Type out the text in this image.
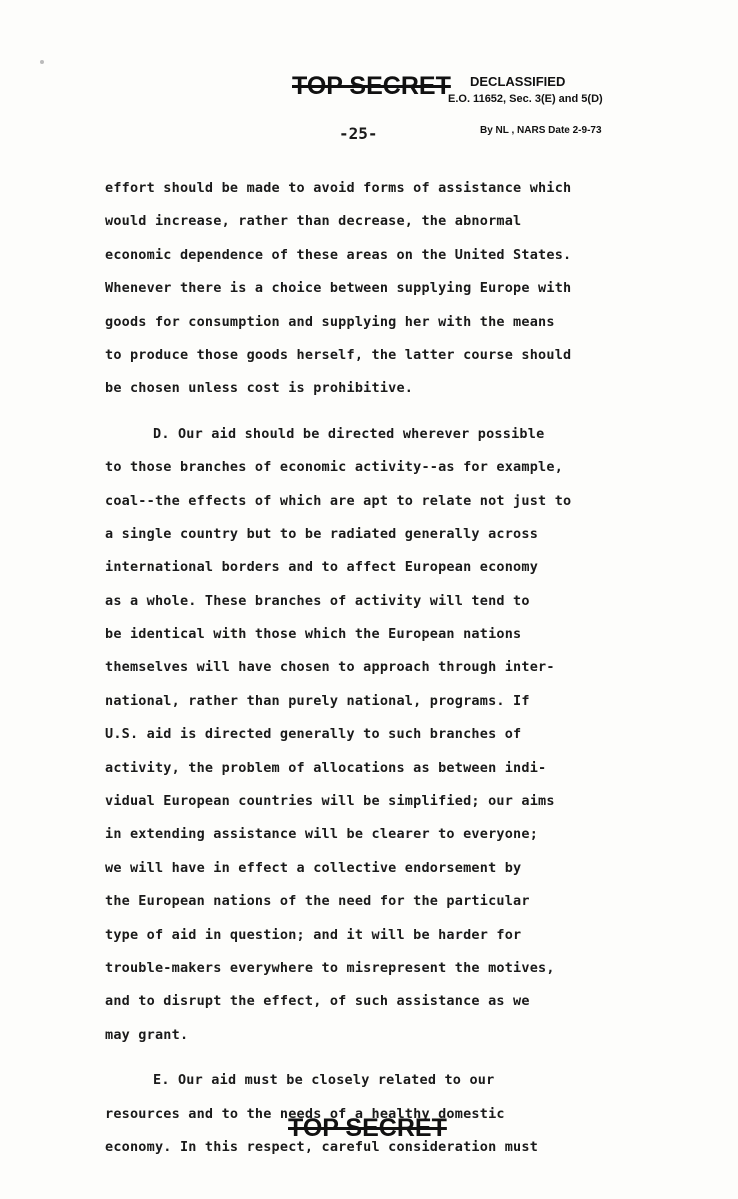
TOP SECRET DECLASSIFIED
E.O. 11652, Sec. 3(E) and 5(D)
By NL , NARS Date 2-9-73
-25-
effort should be made to avoid forms of assistance which
would increase, rather than decrease, the abnormal
economic dependence of these areas on the United States.
Whenever there is a choice between supplying Europe with
goods for consumption and supplying her with the means
to produce those goods herself, the latter course should
be chosen unless cost is prohibitive.
D. Our aid should be directed wherever possible
to those branches of economic activity--as for example,
coal--the effects of which are apt to relate not just to
a single country but to be radiated generally across
international borders and to affect European economy
as a whole. These branches of activity will tend to
be identical with those which the European nations
themselves will have chosen to approach through inter-
national, rather than purely national, programs. If
U.S. aid is directed generally to such branches of
activity, the problem of allocations as between indi-
vidual European countries will be simplified; our aims
in extending assistance will be clearer to everyone;
we will have in effect a collective endorsement by
the European nations of the need for the particular
type of aid in question; and it will be harder for
trouble-makers everywhere to misrepresent the motives,
and to disrupt the effect, of such assistance as we
may grant.
E. Our aid must be closely related to our
resources and to the needs of a healthy domestic
economy. In this respect, careful consideration must
TOP SECRET
